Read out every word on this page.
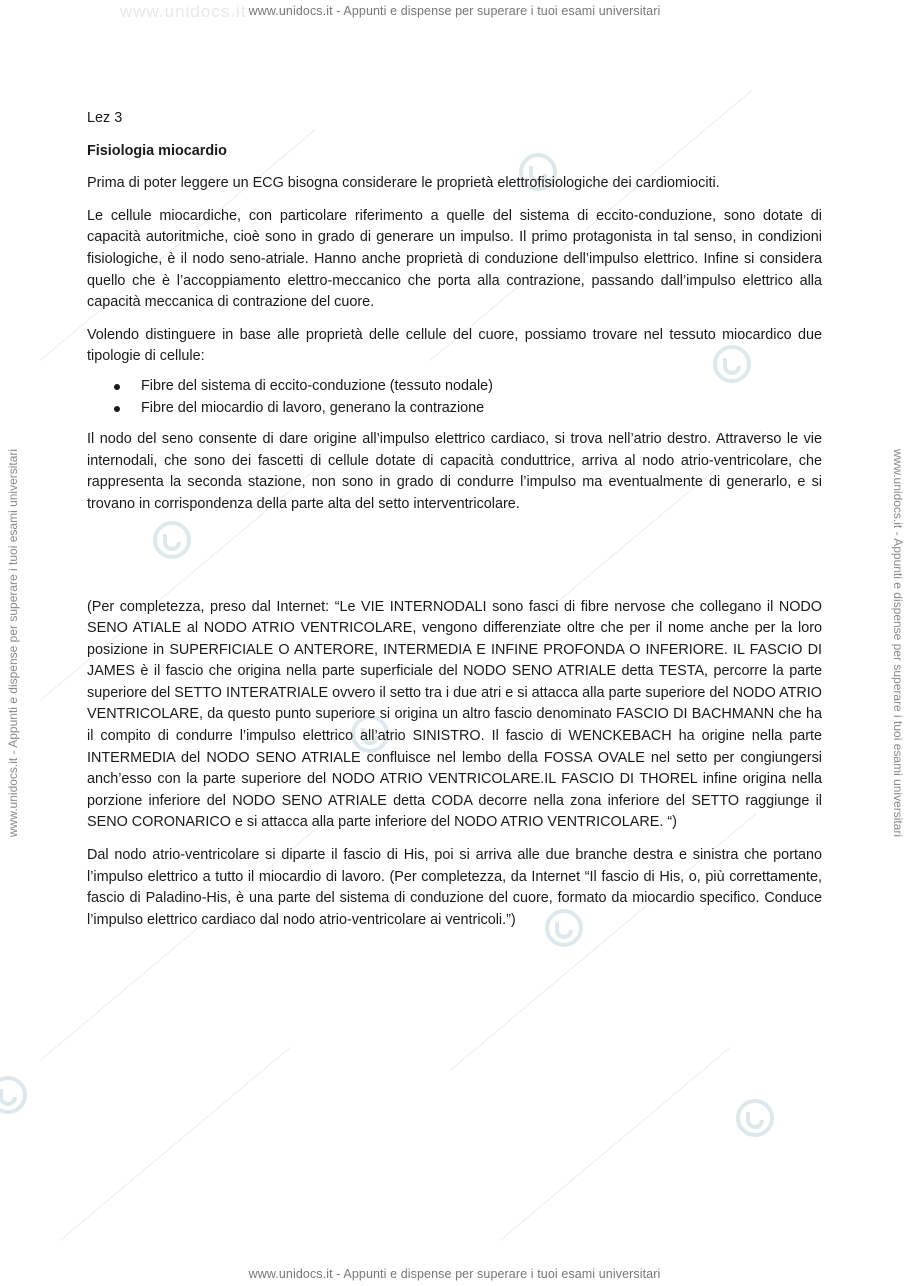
www.unidocs.it - Appunti e dispense per superare i tuoi esami universitari
www.unidocs.it - Appunti e dispense per superare i tuoi esami universitari
www.unidocs.it - Appunti e dispense per superare i tuoi esami universitari	www.unidocs.it - Appunti e dispense per superare i tuoi esami universitari
www.unidocs.it

Lez 3

Fisiologia miocardio

Prima di poter leggere un ECG bisogna considerare le proprietà elettrofisiologiche dei cardiomiociti.

Le cellule miocardiche, con particolare riferimento a quelle del sistema di eccito-conduzione, sono dotate di capacità autoritmiche, cioè sono in grado di generare un impulso. Il primo protagonista in tal senso, in condizioni fisiologiche, è il nodo seno-atriale. Hanno anche proprietà di conduzione dell’impulso elettrico. Infine si considera quello che è l’accoppiamento elettro-meccanico che porta alla contrazione, passando dall’impulso elettrico alla capacità meccanica di contrazione del cuore.

Volendo distinguere in base alle proprietà delle cellule del cuore, possiamo trovare nel tessuto miocardico due tipologie di cellule:

Fibre del sistema di eccito-conduzione (tessuto nodale)
Fibre del miocardio di lavoro, generano la contrazione

Il nodo del seno consente di dare origine all’impulso elettrico cardiaco, si trova nell’atrio destro. Attraverso le vie internodali, che sono dei fascetti di cellule dotate di capacità conduttrice, arriva al nodo atrio-ventricolare, che rappresenta la seconda stazione, non sono in grado di condurre l’impulso ma eventualmente di generarlo, e si trovano in corrispondenza della parte alta del setto interventricolare.

(Per completezza, preso dal Internet: “Le VIE INTERNODALI sono fasci di fibre nervose che collegano il NODO SENO ATIALE al NODO ATRIO VENTRICOLARE, vengono differenziate oltre che per il nome anche per la loro posizione in SUPERFICIALE O ANTERORE, INTERMEDIA E INFINE PROFONDA O INFERIORE. IL FASCIO DI JAMES è il fascio che origina nella parte superficiale del NODO SENO ATRIALE detta TESTA, percorre la parte superiore del SETTO INTERATRIALE ovvero il setto tra i due atri e si attacca alla parte superiore del NODO ATRIO VENTRICOLARE, da questo punto superiore si origina un altro fascio denominato FASCIO DI BACHMANN che ha il compito di condurre l’impulso elettrico all’atrio SINISTRO. Il fascio di WENCKEBACH ha origine nella parte INTERMEDIA del NODO SENO ATRIALE confluisce nel lembo della FOSSA OVALE nel setto per congiungersi anch’esso con la parte superiore del NODO ATRIO VENTRICOLARE.IL FASCIO DI THOREL infine origina nella porzione inferiore del NODO SENO ATRIALE detta CODA decorre nella zona inferiore del SETTO raggiunge il SENO CORONARICO e si attacca alla parte inferiore del NODO ATRIO VENTRICOLARE. “)

Dal nodo atrio-ventricolare si diparte il fascio di His, poi si arriva alle due branche destra e sinistra che portano l’impulso elettrico a tutto il miocardio di lavoro. (Per completezza, da Internet “Il fascio di His, o, più correttamente, fascio di Paladino-His, è una parte del sistema di conduzione del cuore, formato da miocardio specifico. Conduce l’impulso elettrico cardiaco dal nodo atrio-ventricolare ai ventricoli.”)
